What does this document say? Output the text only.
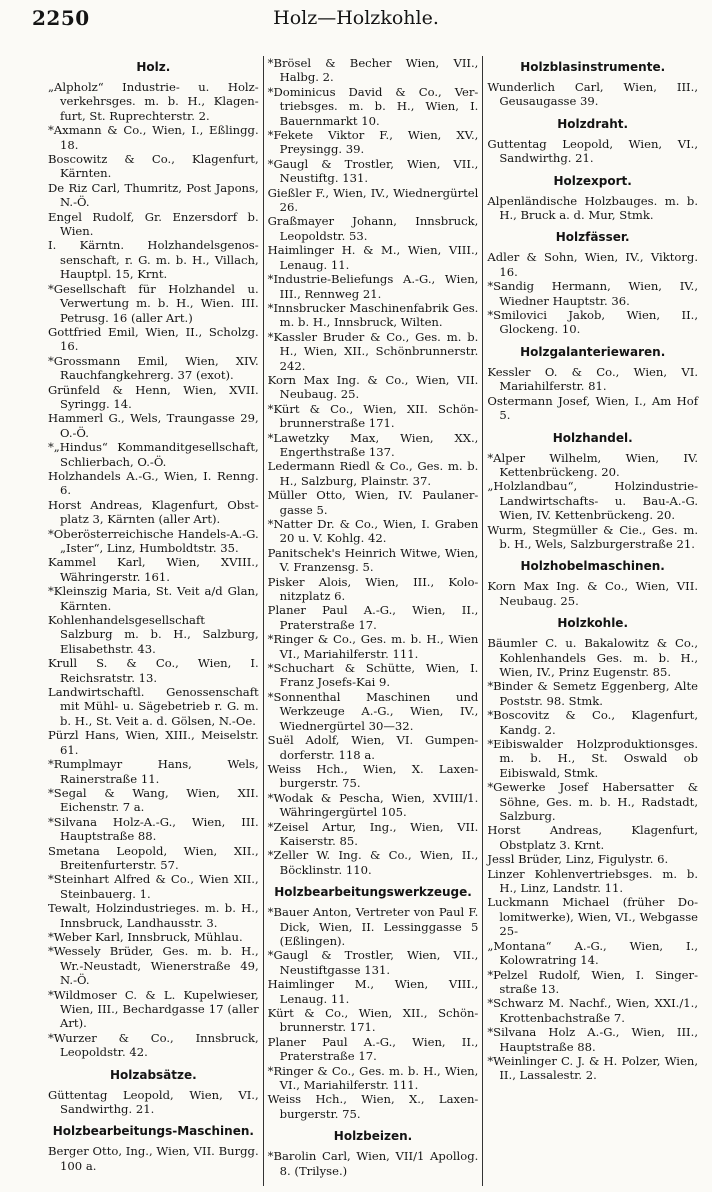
2250	Holz—Holzkohle.
Holz.

„Alpholz“ Industrie- u. Holzverkehrsges. m. b. H., Klagenfurt, St. Ruprechterstr. 2.

*Axmann & Co., Wien, I., Eßlingg. 18.

Boscowitz & Co., Klagenfurt, Kärnten.

De Riz Carl, Thumritz, Post Japons, N.-Ö.

Engel Rudolf, Gr. Enzersdorf b. Wien.

I. Kärntn. Holzhandelsgenossenschaft, r. G. m. b. H., Villach, Hauptpl. 15, Krnt.

*Gesellschaft für Holzhandel u. Verwertung m. b. H., Wien. III. Petrusg. 16 (aller Art.)

Gottfried Emil, Wien, II., Scholzg. 16.

*Grossmann Emil, Wien, XIV. Rauchfangkehrerg. 37 (exot).

Grünfeld & Henn, Wien, XVII. Syringg. 14.

Hammerl G., Wels, Traungasse 29, O.-Ö.

*„Hindus“ Kommanditgesellschaft, Schlierbach, O.-Ö.

Holzhandels A.-G., Wien, I. Renng. 6.

Horst Andreas, Klagenfurt, Obstplatz 3, Kärnten (aller Art).

*Oberösterreichische Handels-A.-G. „Ister“, Linz, Humboldtstr. 35.

Kammel Karl, Wien, XVIII., Währingerstr. 161.

*Kleinszig Maria, St. Veit a/d Glan, Kärnten.

Kohlenhandelsgesellschaft Salzburg m. b. H., Salzburg, Elisabethstr. 43.

Krull S. & Co., Wien, I. Reichsratstr. 13.

Landwirtschaftl. Genossenschaft mit Mühl- u. Sägebetrieb r. G. m. b. H., St. Veit a. d. Gölsen, N.-Oe.

Pürzl Hans, Wien, XIII., Meiselstr. 61.

*Rumplmayr Hans, Wels, Rainerstraße 11.

*Segal & Wang, Wien, XII. Eichenstr. 7 a.

*Silvana Holz-A.-G., Wien, III. Hauptstraße 88.

Smetana Leopold, Wien, XII., Breitenfurterstr. 57.

*Steinhart Alfred & Co., Wien XII., Steinbauerg. 1.

Tewalt, Holzindustrieges. m. b. H., Innsbruck, Landhausstr. 3.

*Weber Karl, Innsbruck, Mühlau.

*Wessely Brüder, Ges. m. b. H., Wr.-Neustadt, Wienerstraße 49, N.-Ö.

*Wildmoser C. & L. Kupelwieser, Wien, III., Bechardgasse 17 (aller Art).

*Wurzer & Co., Innsbruck, Leopoldstr. 42.

Holzabsätze.

Güttentag Leopold, Wien, VI., Sandwirthg. 21.

Holzbearbeitungs-Maschinen.

Berger Otto, Ing., Wien, VII. Burgg. 100 a.

*Brösel & Becher Wien, VII., Halbg. 2.

*Dominicus David & Co., Vertriebsges. m. b. H., Wien, I. Bauernmarkt 10.

*Fekete Viktor F., Wien, XV., Preysingg. 39.

*Gaugl & Trostler, Wien, VII., Neustiftg. 131.

Gießler F., Wien, IV., Wiednergürtel 26.

Graßmayer Johann, Innsbruck, Leopoldstr. 53.

Haimlinger H. & M., Wien, VIII., Lenaug. 11.

*Industrie-Beliefungs A.-G., Wien, III., Rennweg 21.

*Innsbrucker Maschinenfabrik Ges. m. b. H., Innsbruck, Wilten.

*Kassler Bruder & Co., Ges. m. b. H., Wien, XII., Schönbrunnerstr. 242.

Korn Max Ing. & Co., Wien, VII. Neubaug. 25.

*Kürt & Co., Wien, XII. Schönbrunnerstraße 171.

*Lawetzky Max, Wien, XX., Engerthstraße 137.

Ledermann Riedl & Co., Ges. m. b. H., Salzburg, Plainstr. 37.

Müller Otto, Wien, IV. Paulanergasse 5.

*Natter Dr. & Co., Wien, I. Graben 20 u. V. Kohlg. 42.

Panitschek's Heinrich Witwe, Wien, V. Franzensg. 5.

Pisker Alois, Wien, III., Kolonitzplatz 6.

Planer Paul A.-G., Wien, II., Praterstraße 17.

*Ringer & Co., Ges. m. b. H., Wien VI., Mariahilferstr. 111.

*Schuchart & Schütte, Wien, I. Franz Josefs-Kai 9.

*Sonnenthal Maschinen und Werkzeuge A.-G., Wien, IV., Wiednergürtel 30—32.

Suël Adolf, Wien, VI. Gumpendorferstr. 118 a.

Weiss Hch., Wien, X. Laxenburgerstr. 75.

*Wodak & Pescha, Wien, XVIII/1. Währingergürtel 105.

*Zeisel Artur, Ing., Wien, VII. Kaiserstr. 85.

*Zeller W. Ing. & Co., Wien, II., Böcklinstr. 110.

Holzbearbeitungswerkzeuge.

*Bauer Anton, Vertreter von Paul F. Dick, Wien, II. Lessinggasse 5 (Eßlingen).

*Gaugl & Trostler, Wien, VII., Neustiftgasse 131.

Haimlinger M., Wien, VIII., Lenaug. 11.

Kürt & Co., Wien, XII., Schönbrunnerstr. 171.

Planer Paul A.-G., Wien, II., Praterstraße 17.

*Ringer & Co., Ges. m. b. H., Wien, VI., Mariahilferstr. 111.

Weiss Hch., Wien, X., Laxenburgerstr. 75.

Holzbeizen.

*Barolin Carl, Wien, VII/1 Apollog. 8. (Trilyse.)

Holzblasinstrumente.

Wunderlich Carl, Wien, III., Geusaugasse 39.

Holzdraht.

Guttentag Leopold, Wien, VI., Sandwirthg. 21.

Holzexport.

Alpenländische Holzbauges. m. b. H., Bruck a. d. Mur, Stmk.

Holzfässer.

Adler & Sohn, Wien, IV., Viktorg. 16.

*Sandig Hermann, Wien, IV., Wiedner Hauptstr. 36.

*Smilovici Jakob, Wien, II., Glockeng. 10.

Holzgalanteriewaren.

Kessler O. & Co., Wien, VI. Mariahilferstr. 81.

Ostermann Josef, Wien, I., Am Hof 5.

Holzhandel.

*Alper Wilhelm, Wien, IV. Kettenbrückeng. 20.

„Holzlandbau“, Holzindustrie-Landwirtschafts- u. Bau-A.-G. Wien, IV. Kettenbrückeng. 20.

Wurm, Stegmüller & Cie., Ges. m. b. H., Wels, Salzburgerstraße 21.

Holzhobelmaschinen.

Korn Max Ing. & Co., Wien, VII. Neubaug. 25.

Holzkohle.

Bäumler C. u. Bakalowitz & Co., Kohlenhandels Ges. m. b. H., Wien, IV., Prinz Eugenstr. 85.

*Binder & Semetz Eggenberg, Alte Poststr. 98. Stmk.

*Boscovitz & Co., Klagenfurt, Kandg. 2.

*Eibiswalder Holzproduktionsges. m. b. H., St. Oswald ob Eibiswald, Stmk.

*Gewerke Josef Habersatter & Söhne, Ges. m. b. H., Radstadt, Salzburg.

Horst Andreas, Klagenfurt, Obstplatz 3. Krnt.

Jessl Brüder, Linz, Figulystr. 6.

Linzer Kohlenvertriebsges. m. b. H., Linz, Landstr. 11.

Luckmann Michael (früher Dolomitwerke), Wien, VI., Webgasse 25-

„Montana“ A.-G., Wien, I., Kolowratring 14.

*Pelzel Rudolf, Wien, I. Singerstraße 13.

*Schwarz M. Nachf., Wien, XXI./1., Krottenbachstraße 7.

*Silvana Holz A.-G., Wien, III., Hauptstraße 88.

*Weinlinger C. J. & H. Polzer, Wien, II., Lassalestr. 2.
